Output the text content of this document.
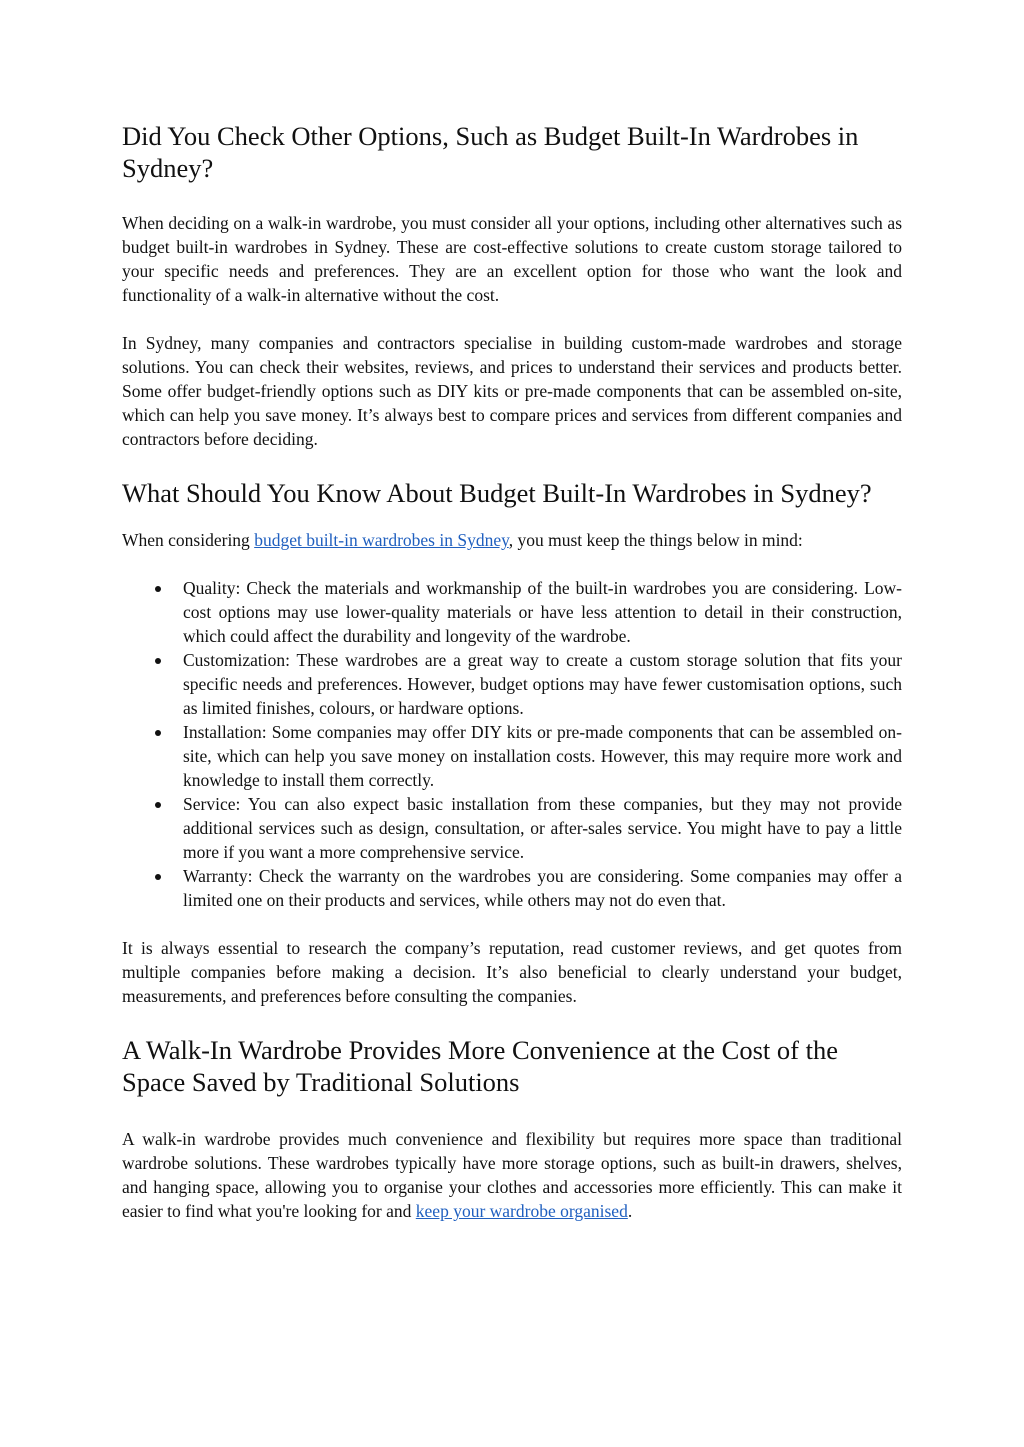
Did You Check Other Options, Such as Budget Built-In Wardrobes in Sydney?

When deciding on a walk-in wardrobe, you must consider all your options, including other alternatives such as budget built-in wardrobes in Sydney. These are cost-effective solutions to create custom storage tailored to your specific needs and preferences. They are an excellent option for those who want the look and functionality of a walk-in alternative without the cost.

In Sydney, many companies and contractors specialise in building custom-made wardrobes and storage solutions. You can check their websites, reviews, and prices to understand their services and products better. Some offer budget-friendly options such as DIY kits or pre-made components that can be assembled on-site, which can help you save money. It’s always best to compare prices and services from different companies and contractors before deciding.

What Should You Know About Budget Built-In Wardrobes in Sydney?

When considering budget built-in wardrobes in Sydney, you must keep the things below in mind:

Quality: Check the materials and workmanship of the built-in wardrobes you are considering. Low-cost options may use lower-quality materials or have less attention to detail in their construction, which could affect the durability and longevity of the wardrobe.
Customization: These wardrobes are a great way to create a custom storage solution that fits your specific needs and preferences. However, budget options may have fewer customisation options, such as limited finishes, colours, or hardware options.
Installation: Some companies may offer DIY kits or pre-made components that can be assembled on-site, which can help you save money on installation costs. However, this may require more work and knowledge to install them correctly.
Service: You can also expect basic installation from these companies, but they may not provide additional services such as design, consultation, or after-sales service. You might have to pay a little more if you want a more comprehensive service.
Warranty: Check the warranty on the wardrobes you are considering. Some companies may offer a limited one on their products and services, while others may not do even that.

It is always essential to research the company’s reputation, read customer reviews, and get quotes from multiple companies before making a decision. It’s also beneficial to clearly understand your budget, measurements, and preferences before consulting the companies.

A Walk-In Wardrobe Provides More Convenience at the Cost of the Space Saved by Traditional Solutions

A walk-in wardrobe provides much convenience and flexibility but requires more space than traditional wardrobe solutions. These wardrobes typically have more storage options, such as built-in drawers, shelves, and hanging space, allowing you to organise your clothes and accessories more efficiently. This can make it easier to find what you're looking for and keep your wardrobe organised.
